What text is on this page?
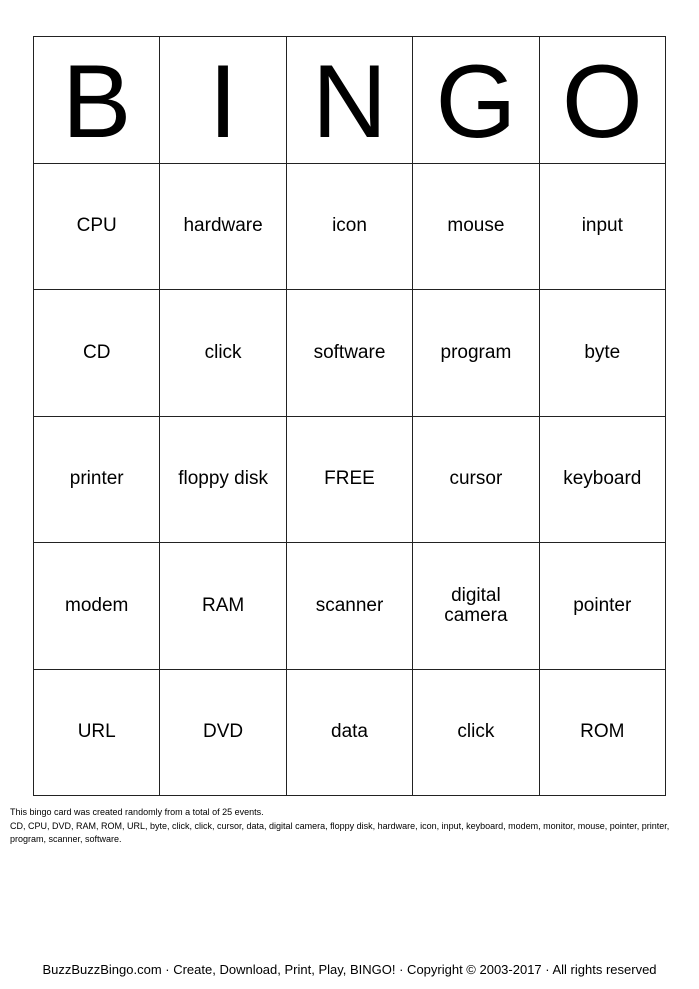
B I N G O
CPU	hardware	icon	mouse	input
CD	click	software	program	byte
printer	floppy disk	FREE	cursor	keyboard
modem	RAM	scanner	digital camera	pointer
URL	DVD	data	click	ROM
This bingo card was created randomly from a total of 25 events.
CD, CPU, DVD, RAM, ROM, URL, byte, click, click, cursor, data, digital camera, floppy disk, hardware, icon, input, keyboard, modem, monitor, mouse, pointer, printer, program, scanner, software.
BuzzBuzzBingo.com · Create, Download, Print, Play, BINGO! · Copyright © 2003-2017 · All rights reserved
